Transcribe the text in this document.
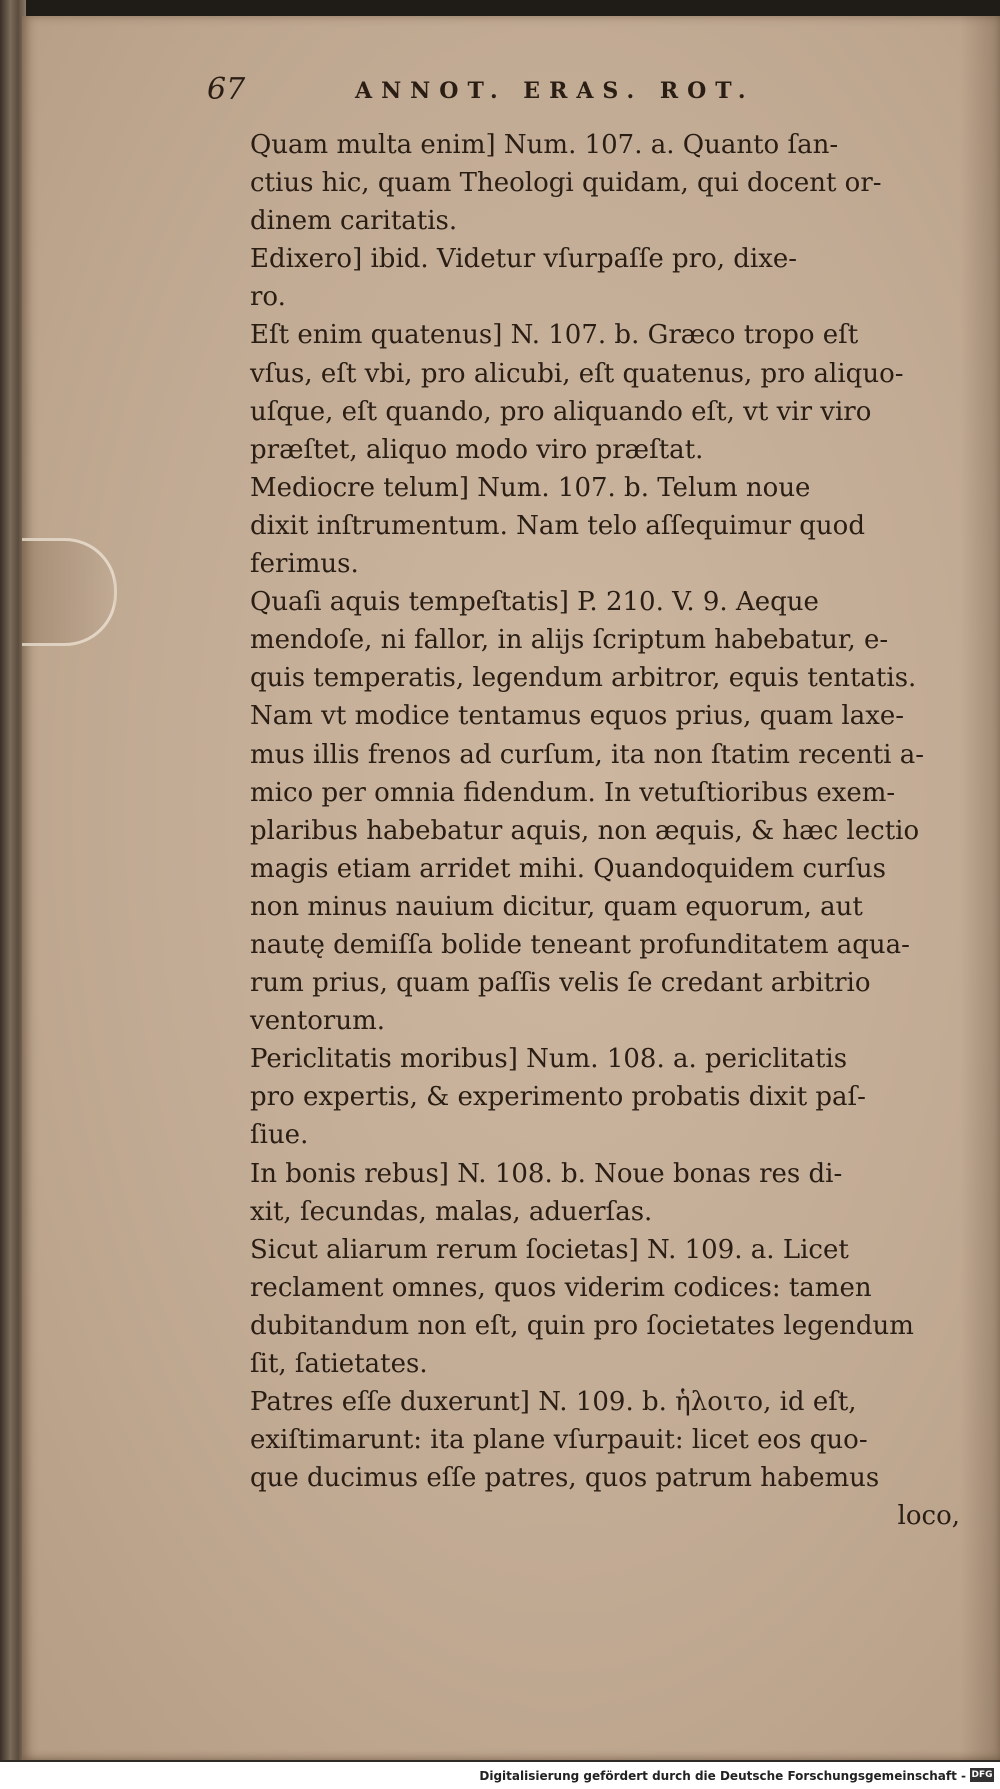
67	ANNOT. ERAS. ROT.

Quam multa enim] Num. 107. a. Quanto ſan-
ctius hic, quam Theologi quidam, qui docent or-
dinem caritatis.

Edixero] ibid. Videtur vſurpaſſe pro, dixe-
ro.

Eſt enim quatenus] N. 107. b. Græco tropo eſt
vſus, eſt vbi, pro alicubi, eſt quatenus, pro aliquo-
uſque, eſt quando, pro aliquando eſt, vt vir viro
præſtet, aliquo modo viro præſtat.

Mediocre telum] Num. 107. b. Telum noue
dixit inſtrumentum. Nam telo aſſequimur quod
ferimus.

Quaſi aquis tempeſtatis] P. 210. V. 9. Aeque
mendoſe, ni fallor, in alijs ſcriptum habebatur, e-
quis temperatis, legendum arbitror, equis tentatis.
Nam vt modice tentamus equos prius, quam laxe-
mus illis frenos ad curſum, ita non ſtatim recenti a-
mico per omnia fidendum. In vetuſtioribus exem-
plaribus habebatur aquis, non æquis, & hæc lectio
magis etiam arridet mihi. Quandoquidem curſus
non minus nauium dicitur, quam equorum, aut
nautę demiſſa bolide teneant profunditatem aqua-
rum prius, quam paſſis velis ſe credant arbitrio
ventorum.

Periclitatis moribus] Num. 108. a. periclitatis
pro expertis, & experimento probatis dixit paſ-
ſiue.

In bonis rebus] N. 108. b. Noue bonas res di-
xit, ſecundas, malas, aduerſas.

Sicut aliarum rerum ſocietas] N. 109. a. Licet
reclament omnes, quos viderim codices: tamen
dubitandum non eſt, quin pro ſocietates legendum
ſit, ſatietates.

Patres eſſe duxerunt] N. 109. b. ἡλοιτο, id eſt,
exiſtimarunt: ita plane vſurpauit: licet eos quo-
que ducimus eſſe patres, quos patrum habemus

loco,

Digitalisierung gefördert durch die Deutsche Forschungsgemeinschaft - DFG
